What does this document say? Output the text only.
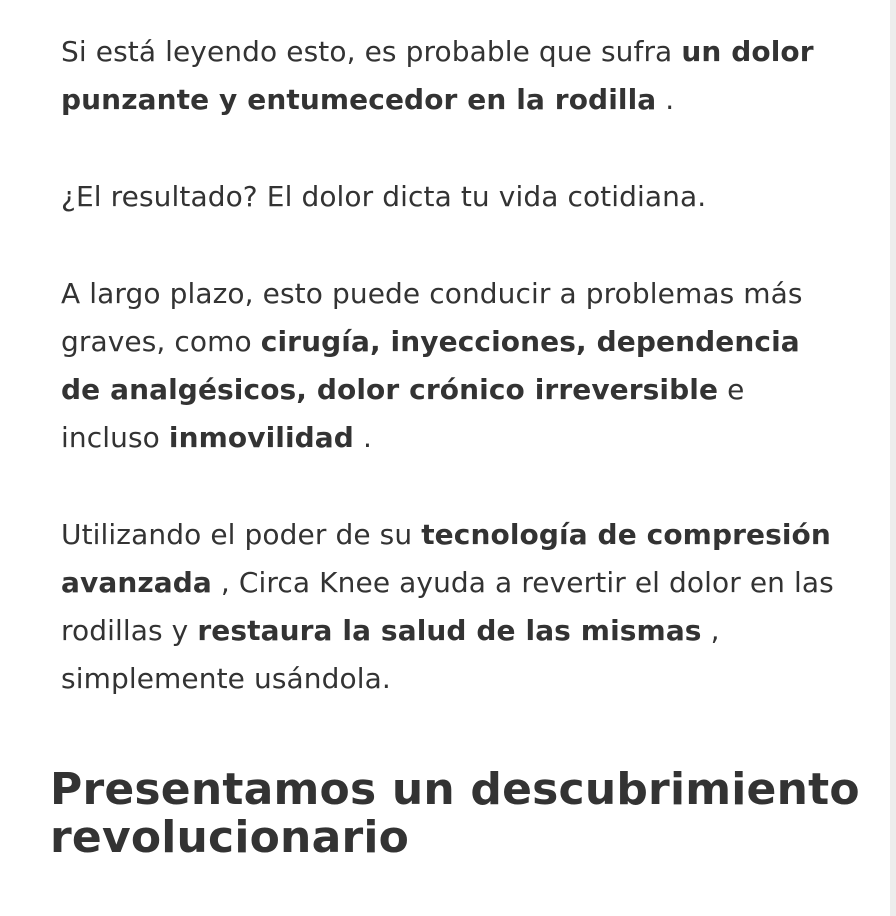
Si está leyendo esto, es probable que sufra un dolor punzante y entumecedor en la rodilla .

¿El resultado? El dolor dicta tu vida cotidiana.

A largo plazo, esto puede conducir a problemas más graves, como cirugía, inyecciones, dependencia de analgésicos, dolor crónico irreversible e incluso inmovilidad .

Utilizando el poder de su tecnología de compresión avanzada , Circa Knee ayuda a revertir el dolor en las rodillas y restaura la salud de las mismas , simplemente usándola.

Presentamos un descubrimiento revolucionario
